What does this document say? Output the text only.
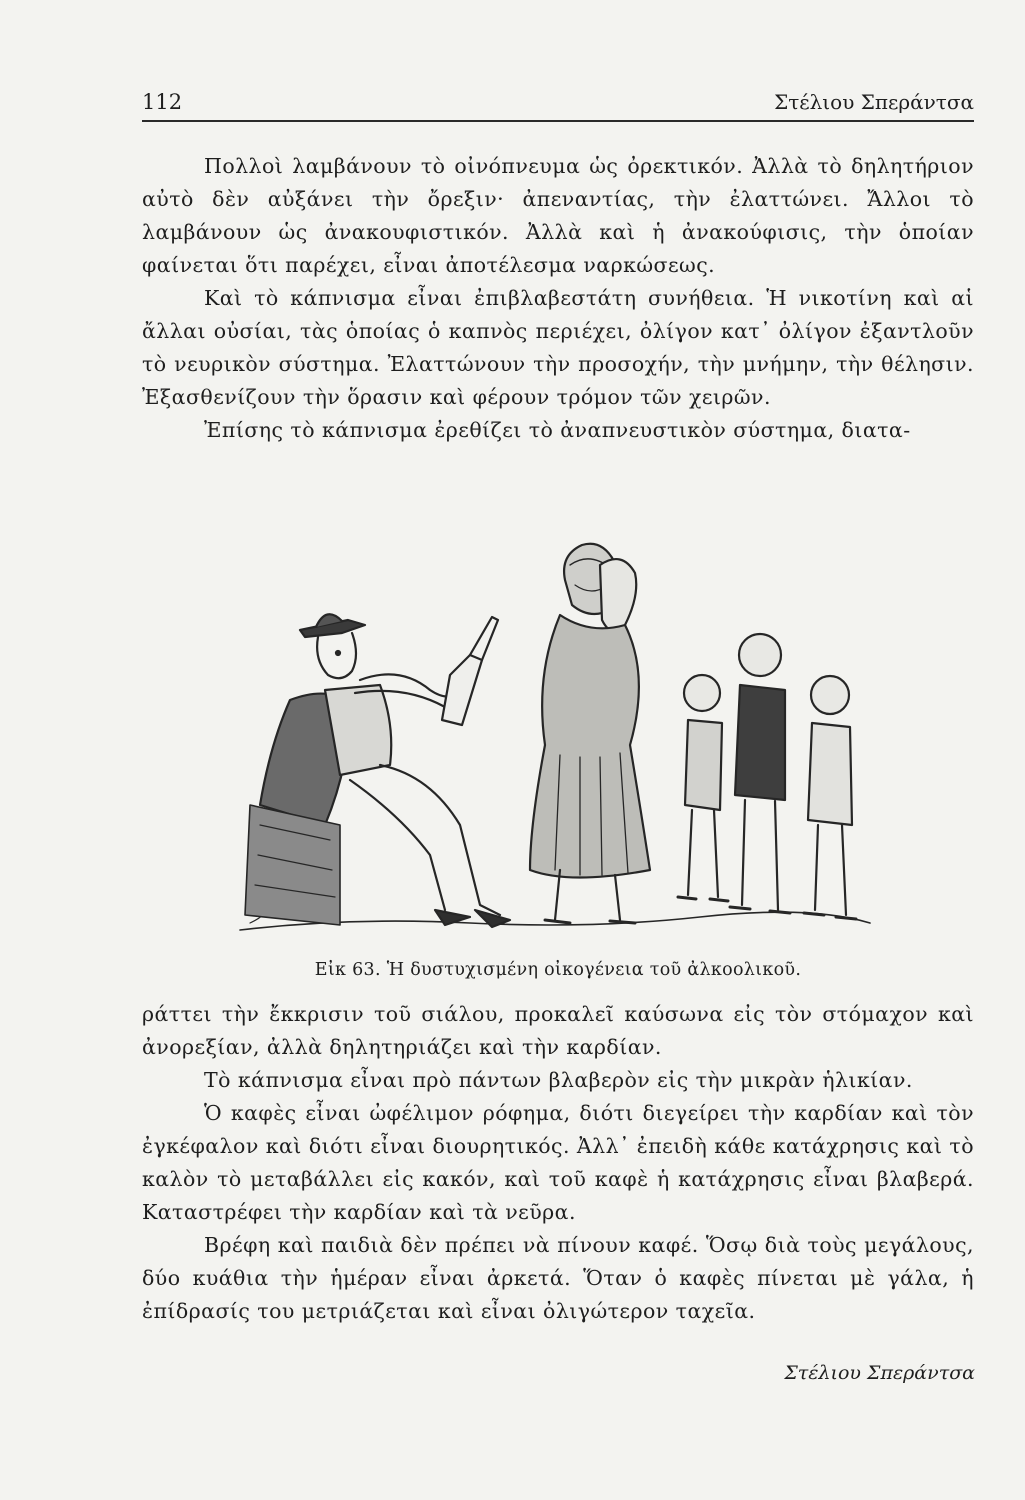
112	Στέλιου Σπεράντσα

Πολλοὶ λαμβάνουν τὸ οἰνόπνευμα ὡς ὀρεκτικόν. Ἀλλὰ τὸ δηλητήριον αὐτὸ δὲν αὐξάνει τὴν ὄρεξιν· ἀπεναντίας, τὴν ἐλαττώνει. Ἄλλοι τὸ λαμβάνουν ὡς ἀνακουφιστικόν. Ἀλλὰ καὶ ἡ ἀνακούφισις, τὴν ὁποίαν φαίνεται ὅτι παρέχει, εἶναι ἀποτέλεσμα ναρκώσεως.

Καὶ τὸ κάπνισμα εἶναι ἐπιβλαβεστάτη συνήθεια. Ἡ νικοτίνη καὶ αἱ ἄλλαι οὐσίαι, τὰς ὁποίας ὁ καπνὸς περιέχει, ὀλίγον κατ᾽ ὀλίγον ἐξαντλοῦν τὸ νευρικὸν σύστημα. Ἐλαττώνουν τὴν προσοχήν, τὴν μνήμην, τὴν θέλησιν. Ἐξασθενίζουν τὴν ὅρασιν καὶ φέρουν τρόμον τῶν χειρῶν.

Ἐπίσης τὸ κάπνισμα ἐρεθίζει τὸ ἀναπνευστικὸν σύστημα, διατα-

Εἰκ 63. Ἡ δυστυχισμένη οἰκογένεια τοῦ ἀλκοολικοῦ.

ράττει τὴν ἔκκρισιν τοῦ σιάλου, προκαλεῖ καύσωνα εἰς τὸν στόμαχον καὶ ἀνορεξίαν, ἀλλὰ δηλητηριάζει καὶ τὴν καρδίαν.

Τὸ κάπνισμα εἶναι πρὸ πάντων βλαβερὸν εἰς τὴν μικρὰν ἡλικίαν.

Ὁ καφὲς εἶναι ὠφέλιμον ρόφημα, διότι διεγείρει τὴν καρδίαν καὶ τὸν ἐγκέφαλον καὶ διότι εἶναι διουρητικός. Ἀλλ᾽ ἐπειδὴ κάθε κατάχρησις καὶ τὸ καλὸν τὸ μεταβάλλει εἰς κακόν, καὶ τοῦ καφὲ ἡ κατάχρησις εἶναι βλαβερά. Καταστρέφει τὴν καρδίαν καὶ τὰ νεῦρα.

Βρέφη καὶ παιδιὰ δὲν πρέπει νὰ πίνουν καφέ. Ὅσῳ διὰ τοὺς μεγάλους, δύο κυάθια τὴν ἡμέραν εἶναι ἀρκετά. Ὅταν ὁ καφὲς πίνεται μὲ γάλα, ἡ ἐπίδρασίς του μετριάζεται καὶ εἶναι ὀλιγώτερον ταχεῖα.

Στέλιου Σπεράντσα
